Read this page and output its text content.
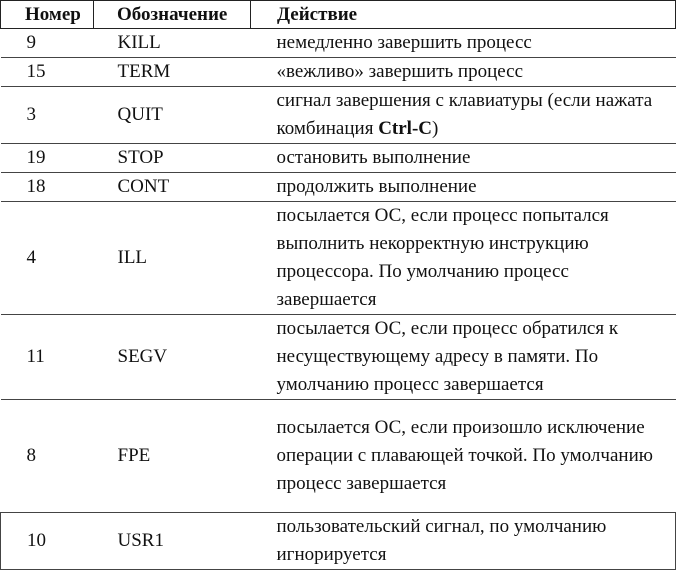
Номер	Обозначение	Действие
9	KILL	немедленно завершить процесс
15	TERM	«вежливо» завершить процесс
3	QUIT	сигнал завершения с клавиатуры (если нажата комбинация Ctrl-C)
19	STOP	остановить выполнение
18	CONT	продолжить выполнение
4	ILL	посылается ОС, если процесс попытался выполнить некорректную инструкцию процессора. По умолчанию процесс завершается
11	SEGV	посылается ОС, если процесс обратился к несуществующему адресу в памяти. По умолчанию процесс завершается
8	FPE	посылается ОС, если произошло исключение операции с плавающей точкой. По умолчанию процесс завершается
10	USR1	пользовательский сигнал, по умолчанию игнорируется
